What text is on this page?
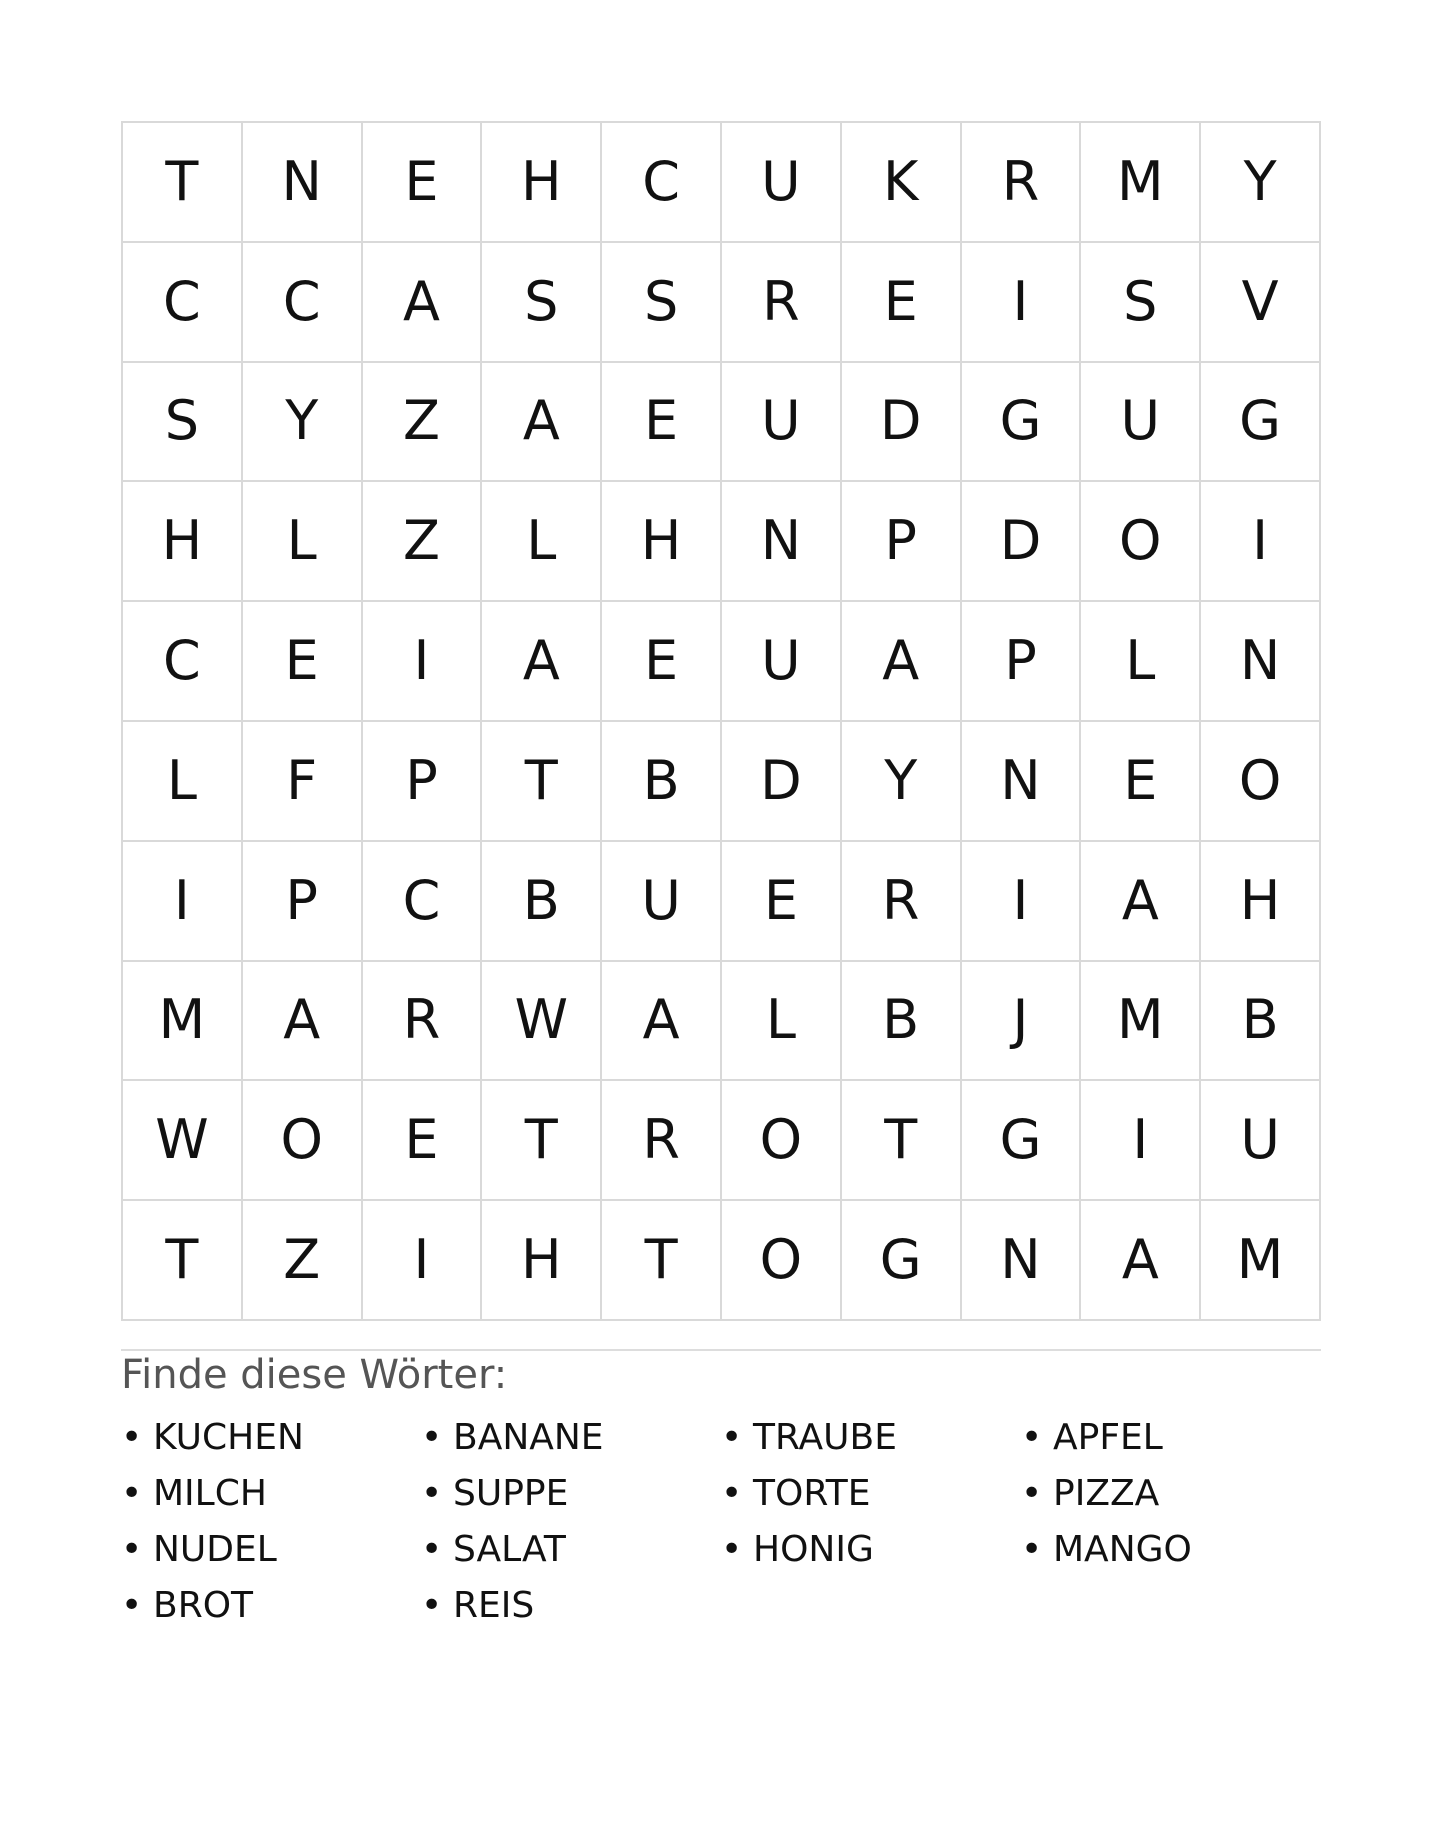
T	N	E	H	C	U	K	R	M	Y
C	C	A	S	S	R	E	I	S	V
S	Y	Z	A	E	U	D	G	U	G
H	L	Z	L	H	N	P	D	O	I
C	E	I	A	E	U	A	P	L	N
L	F	P	T	B	D	Y	N	E	O
I	P	C	B	U	E	R	I	A	H
M	A	R	W	A	L	B	J	M	B
W	O	E	T	R	O	T	G	I	U
T	Z	I	H	T	O	G	N	A	M
Finde diese Wörter:
• KUCHEN	• BANANE	• TRAUBE	• APFEL
• MILCH	• SUPPE	• TORTE	• PIZZA
• NUDEL	• SALAT	• HONIG	• MANGO
• BROT	• REIS
